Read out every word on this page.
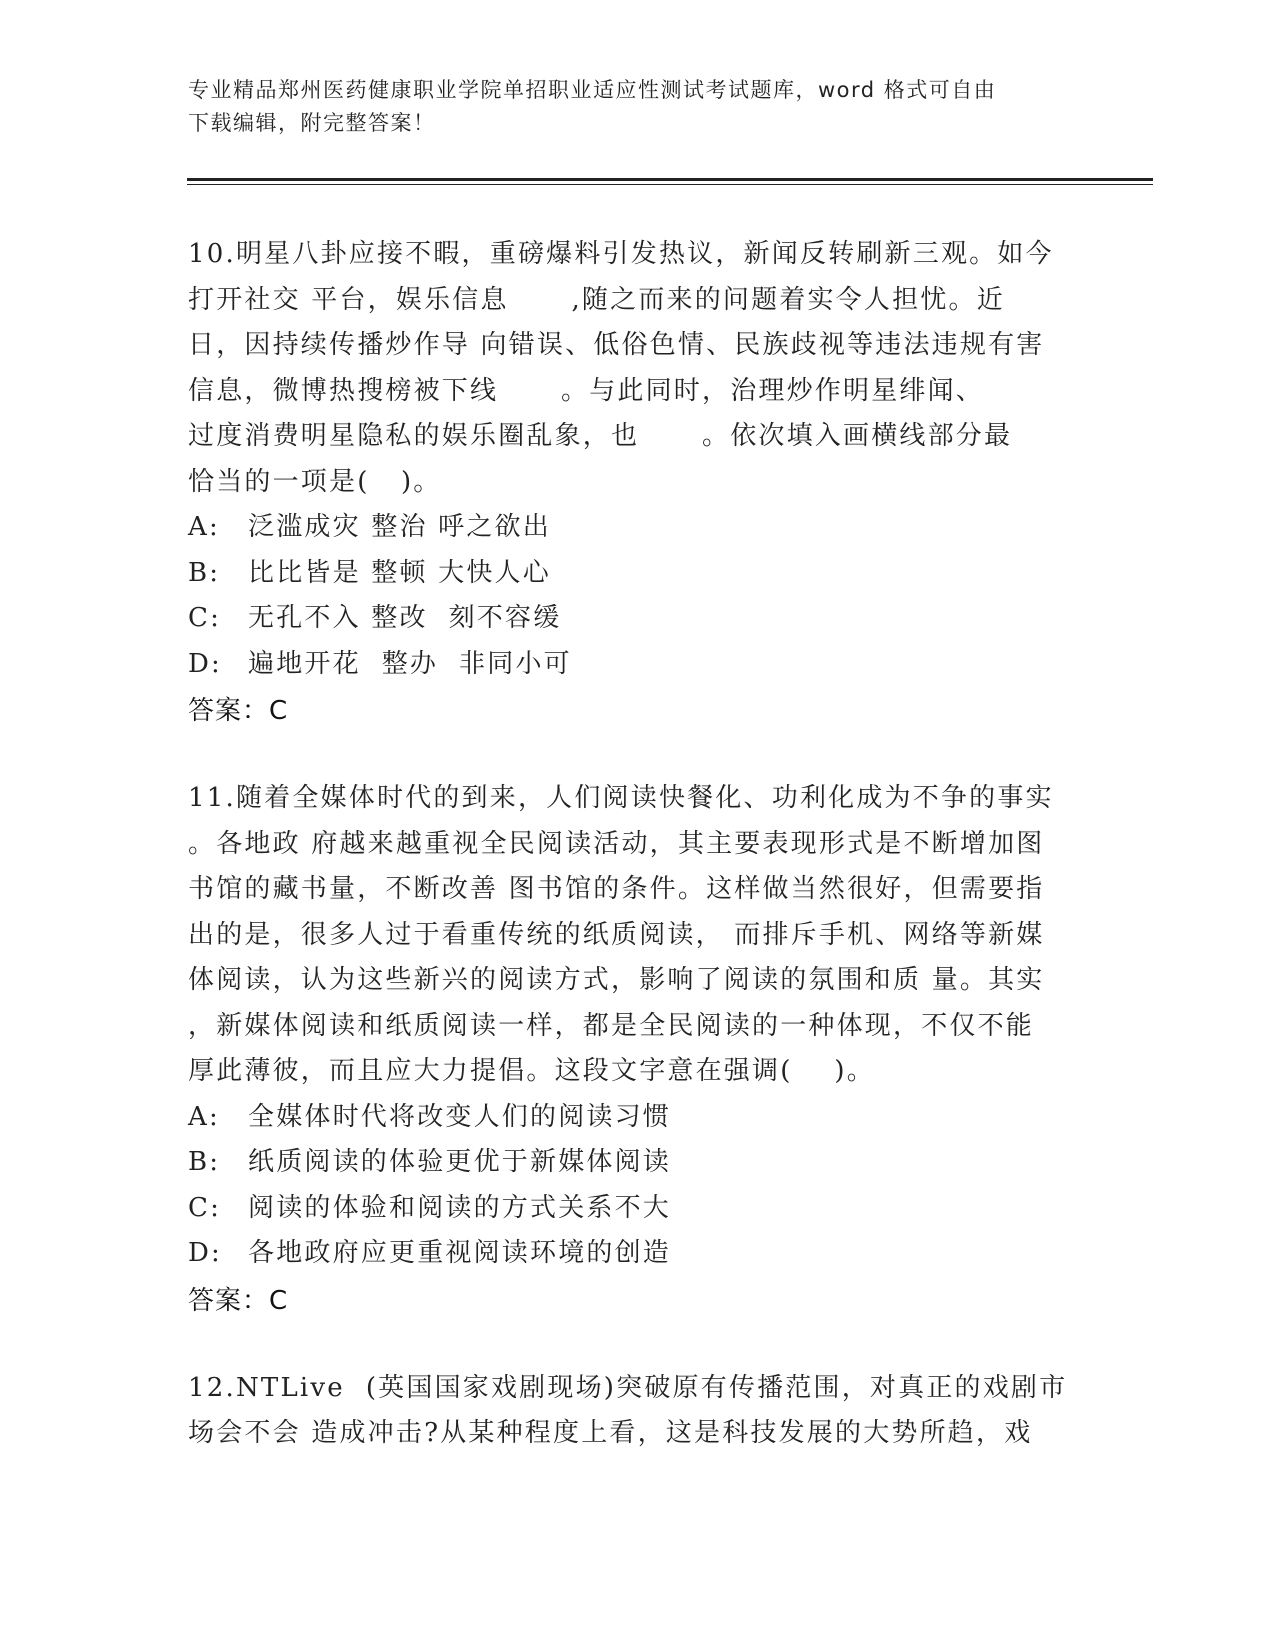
专业精品郑州医药健康职业学院单招职业适应性测试考试题库，word 格式可自由
下载编辑，附完整答案！
10.明星八卦应接不暇，重磅爆料引发热议，新闻反转刷新三观。如今
打开社交 平台，娱乐信息      ,随之而来的问题着实令人担忧。近
日，因持续传播炒作导 向错误、低俗色情、民族歧视等违法违规有害
信息，微博热搜榜被下线      。与此同时，治理炒作明星绯闻、
过度消费明星隐私的娱乐圈乱象，也      。依次填入画横线部分最
恰当的一项是(   )。
A:	泛滥成灾 整治 呼之欲出
B:	比比皆是 整顿 大快人心
C:	无孔不入 整改  刻不容缓
D: 遍地开花  整办  非同小可
答案：C
11.随着全媒体时代的到来，人们阅读快餐化、功利化成为不争的事实
。各地政 府越来越重视全民阅读活动，其主要表现形式是不断增加图
书馆的藏书量，不断改善 图书馆的条件。这样做当然很好，但需要指
出的是，很多人过于看重传统的纸质阅读， 而排斥手机、网络等新媒
体阅读，认为这些新兴的阅读方式，影响了阅读的氛围和质 量。其实
，新媒体阅读和纸质阅读一样，都是全民阅读的一种体现，不仅不能
厚此薄彼，而且应大力提倡。这段文字意在强调(    )。
A:	全媒体时代将改变人们的阅读习惯
B:	纸质阅读的体验更优于新媒体阅读
C:	阅读的体验和阅读的方式关系不大
D: 各地政府应更重视阅读环境的创造
答案：C
12.NTLive  (英国国家戏剧现场)突破原有传播范围，对真正的戏剧市
场会不会 造成冲击?从某种程度上看，这是科技发展的大势所趋，戏
